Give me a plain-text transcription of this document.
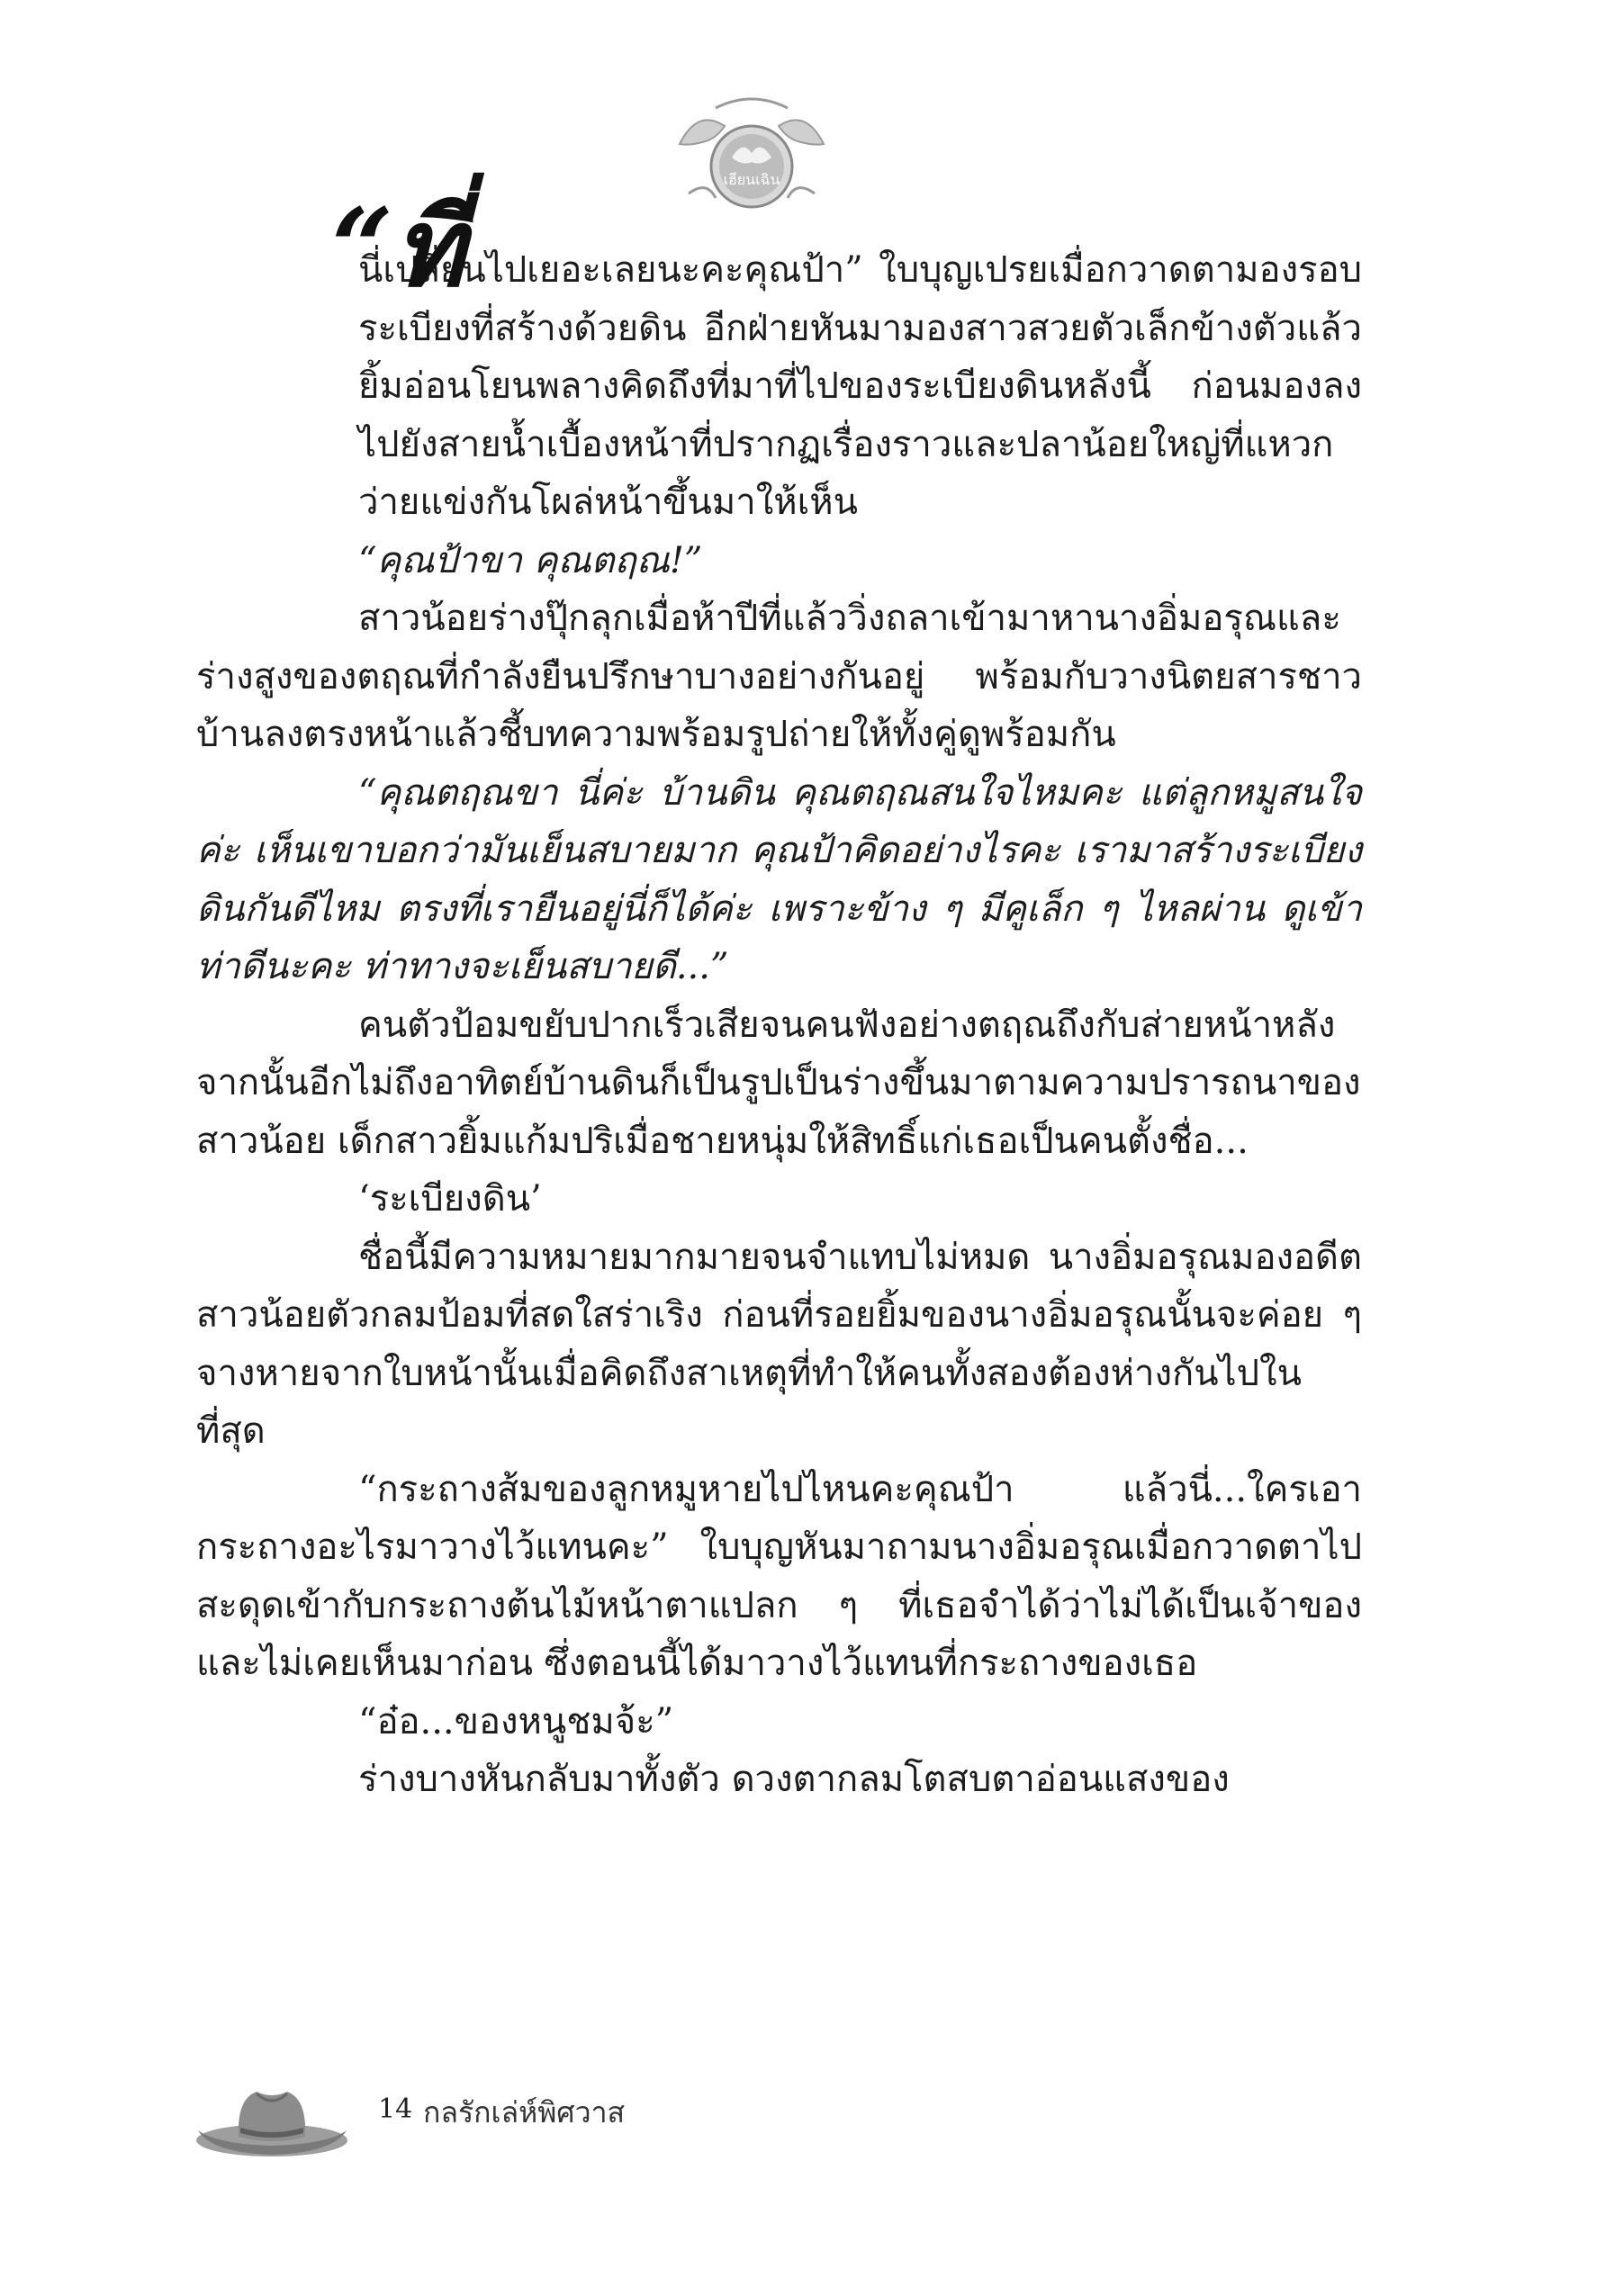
เฮียนเฉิน

“ที่
นี่เปลี่ยนไปเยอะเลยนะคะคุณป้า” ใบบุญเปรยเมื่อกวาดตามองรอบระเบียงที่สร้างด้วยดิน อีกฝ่ายหันมามองสาวสวยตัวเล็กข้างตัวแล้วยิ้มอ่อนโยนพลางคิดถึงที่มาที่ไปของระเบียงดินหลังนี้ ก่อนมองลงไปยังสายน้ำเบื้องหน้าที่ปรากฏเรื่องราวและปลาน้อยใหญ่ที่แหวกว่ายแข่งกันโผล่หน้าขึ้นมาให้เห็น

“คุณป้าขา คุณตฤณ!”

สาวน้อยร่างปุ๊กลุกเมื่อห้าปีที่แล้ววิ่งถลาเข้ามาหานางอิ่มอรุณและร่างสูงของตฤณที่กำลังยืนปรึกษาบางอย่างกันอยู่ พร้อมกับวางนิตยสารชาวบ้านลงตรงหน้าแล้วชี้บทความพร้อมรูปถ่ายให้ทั้งคู่ดูพร้อมกัน

“คุณตฤณขา นี่ค่ะ บ้านดิน คุณตฤณสนใจไหมคะ แต่ลูกหมูสนใจค่ะ เห็นเขาบอกว่ามันเย็นสบายมาก คุณป้าคิดอย่างไรคะ เรามาสร้างระเบียงดินกันดีไหม ตรงที่เรายืนอยู่นี่ก็ได้ค่ะ เพราะข้าง ๆ มีคูเล็ก ๆ ไหลผ่าน ดูเข้าท่าดีนะคะ ท่าทางจะเย็นสบายดี...”

คนตัวป้อมขยับปากเร็วเสียจนคนฟังอย่างตฤณถึงกับส่ายหน้าหลังจากนั้นอีกไม่ถึงอาทิตย์บ้านดินก็เป็นรูปเป็นร่างขึ้นมาตามความปรารถนาของสาวน้อย เด็กสาวยิ้มแก้มปริเมื่อชายหนุ่มให้สิทธิ์แก่เธอเป็นคนตั้งชื่อ...

‘ระเบียงดิน’

ชื่อนี้มีความหมายมากมายจนจำแทบไม่หมด นางอิ่มอรุณมองอดีตสาวน้อยตัวกลมป้อมที่สดใสร่าเริง ก่อนที่รอยยิ้มของนางอิ่มอรุณนั้นจะค่อย ๆ จางหายจากใบหน้านั้นเมื่อคิดถึงสาเหตุที่ทำให้คนทั้งสองต้องห่างกันไปในที่สุด

“กระถางส้มของลูกหมูหายไปไหนคะคุณป้า แล้วนี่...ใครเอากระถางอะไรมาวางไว้แทนคะ” ใบบุญหันมาถามนางอิ่มอรุณเมื่อกวาดตาไปสะดุดเข้ากับกระถางต้นไม้หน้าตาแปลก ๆ ที่เธอจำได้ว่าไม่ได้เป็นเจ้าของและไม่เคยเห็นมาก่อน ซึ่งตอนนี้ได้มาวางไว้แทนที่กระถางของเธอ

“อ๋อ...ของหนูชมจ้ะ”

ร่างบางหันกลับมาทั้งตัว ดวงตากลมโตสบตาอ่อนแสงของ

14 กลรักเล่ห์พิศวาส
